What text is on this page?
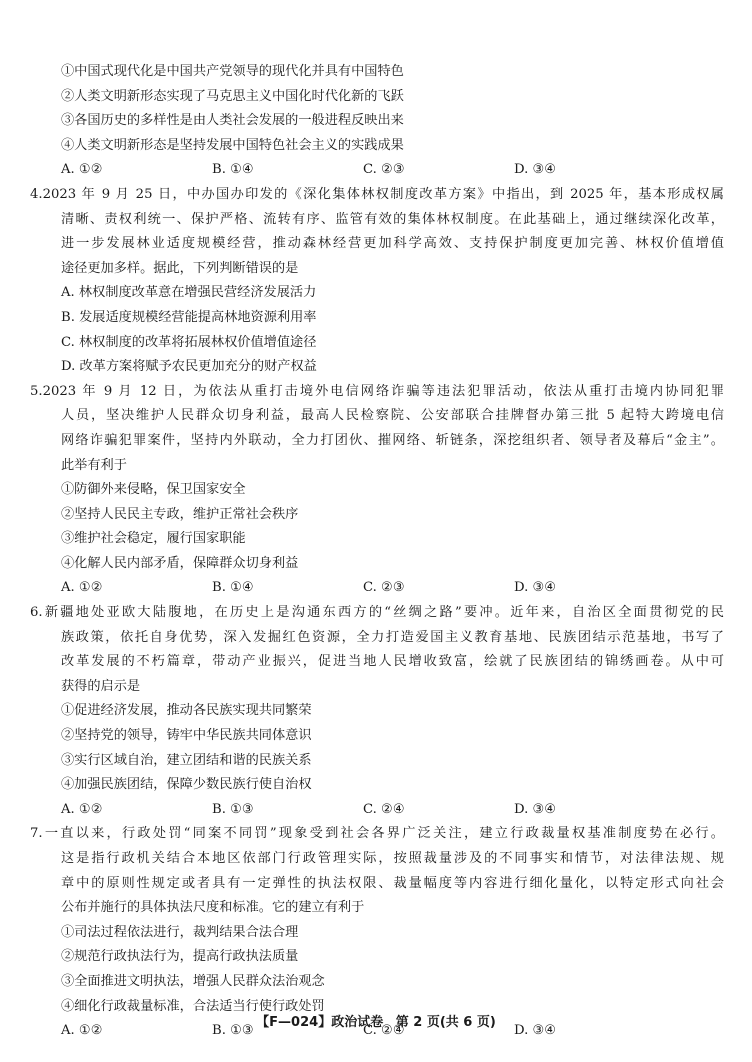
①中国式现代化是中国共产党领导的现代化并具有中国特色
②人类文明新形态实现了马克思主义中国化时代化新的飞跃
③各国历史的多样性是由人类社会发展的一般进程反映出来
④人类文明新形态是坚持发展中国特色社会主义的实践成果
A. ①②	B. ①④	C. ②③	D. ③④
4.2023 年 9 月 25 日，中办国办印发的《深化集体林权制度改革方案》中指出，到 2025 年，基本形成权属
清晰、责权利统一、保护严格、流转有序、监管有效的集体林权制度。在此基础上，通过继续深化改革，
进一步发展林业适度规模经营，推动森林经营更加科学高效、支持保护制度更加完善、林权价值增值
途径更加多样。据此，下列判断错误的是
A. 林权制度改革意在增强民营经济发展活力
B. 发展适度规模经营能提高林地资源利用率
C. 林权制度的改革将拓展林权价值增值途径
D. 改革方案将赋予农民更加充分的财产权益
5.2023 年 9 月 12 日，为依法从重打击境外电信网络诈骗等违法犯罪活动，依法从重打击境内协同犯罪
人员，坚决维护人民群众切身利益，最高人民检察院、公安部联合挂牌督办第三批 5 起特大跨境电信
网络诈骗犯罪案件，坚持内外联动，全力打团伙、摧网络、斩链条，深挖组织者、领导者及幕后“金主”。
此举有利于
①防御外来侵略，保卫国家安全
②坚持人民民主专政，维护正常社会秩序
③维护社会稳定，履行国家职能
④化解人民内部矛盾，保障群众切身利益
A. ①②	B. ①④	C. ②③	D. ③④
6.新疆地处亚欧大陆腹地，在历史上是沟通东西方的“丝绸之路”要冲。近年来，自治区全面贯彻党的民
族政策，依托自身优势，深入发掘红色资源，全力打造爱国主义教育基地、民族团结示范基地，书写了
改革发展的不朽篇章，带动产业振兴，促进当地人民增收致富，绘就了民族团结的锦绣画卷。从中可
获得的启示是
①促进经济发展，推动各民族实现共同繁荣
②坚持党的领导，铸牢中华民族共同体意识
③实行区域自治，建立团结和谐的民族关系
④加强民族团结，保障少数民族行使自治权
A. ①②	B. ①③	C. ②④	D. ③④
7.一直以来，行政处罚“同案不同罚”现象受到社会各界广泛关注，建立行政裁量权基准制度势在必行。
这是指行政机关结合本地区依部门行政管理实际，按照裁量涉及的不同事实和情节，对法律法规、规
章中的原则性规定或者具有一定弹性的执法权限、裁量幅度等内容进行细化量化，以特定形式向社会
公布并施行的具体执法尺度和标准。它的建立有利于
①司法过程依法进行，裁判结果合法合理
②规范行政执法行为，提高行政执法质量
③全面推进文明执法，增强人民群众法治观念
④细化行政裁量标准，合法适当行使行政处罚
A. ①②	B. ①③	C. ②④	D. ③④
【F—024】政治试卷 第 2 页(共 6 页)
